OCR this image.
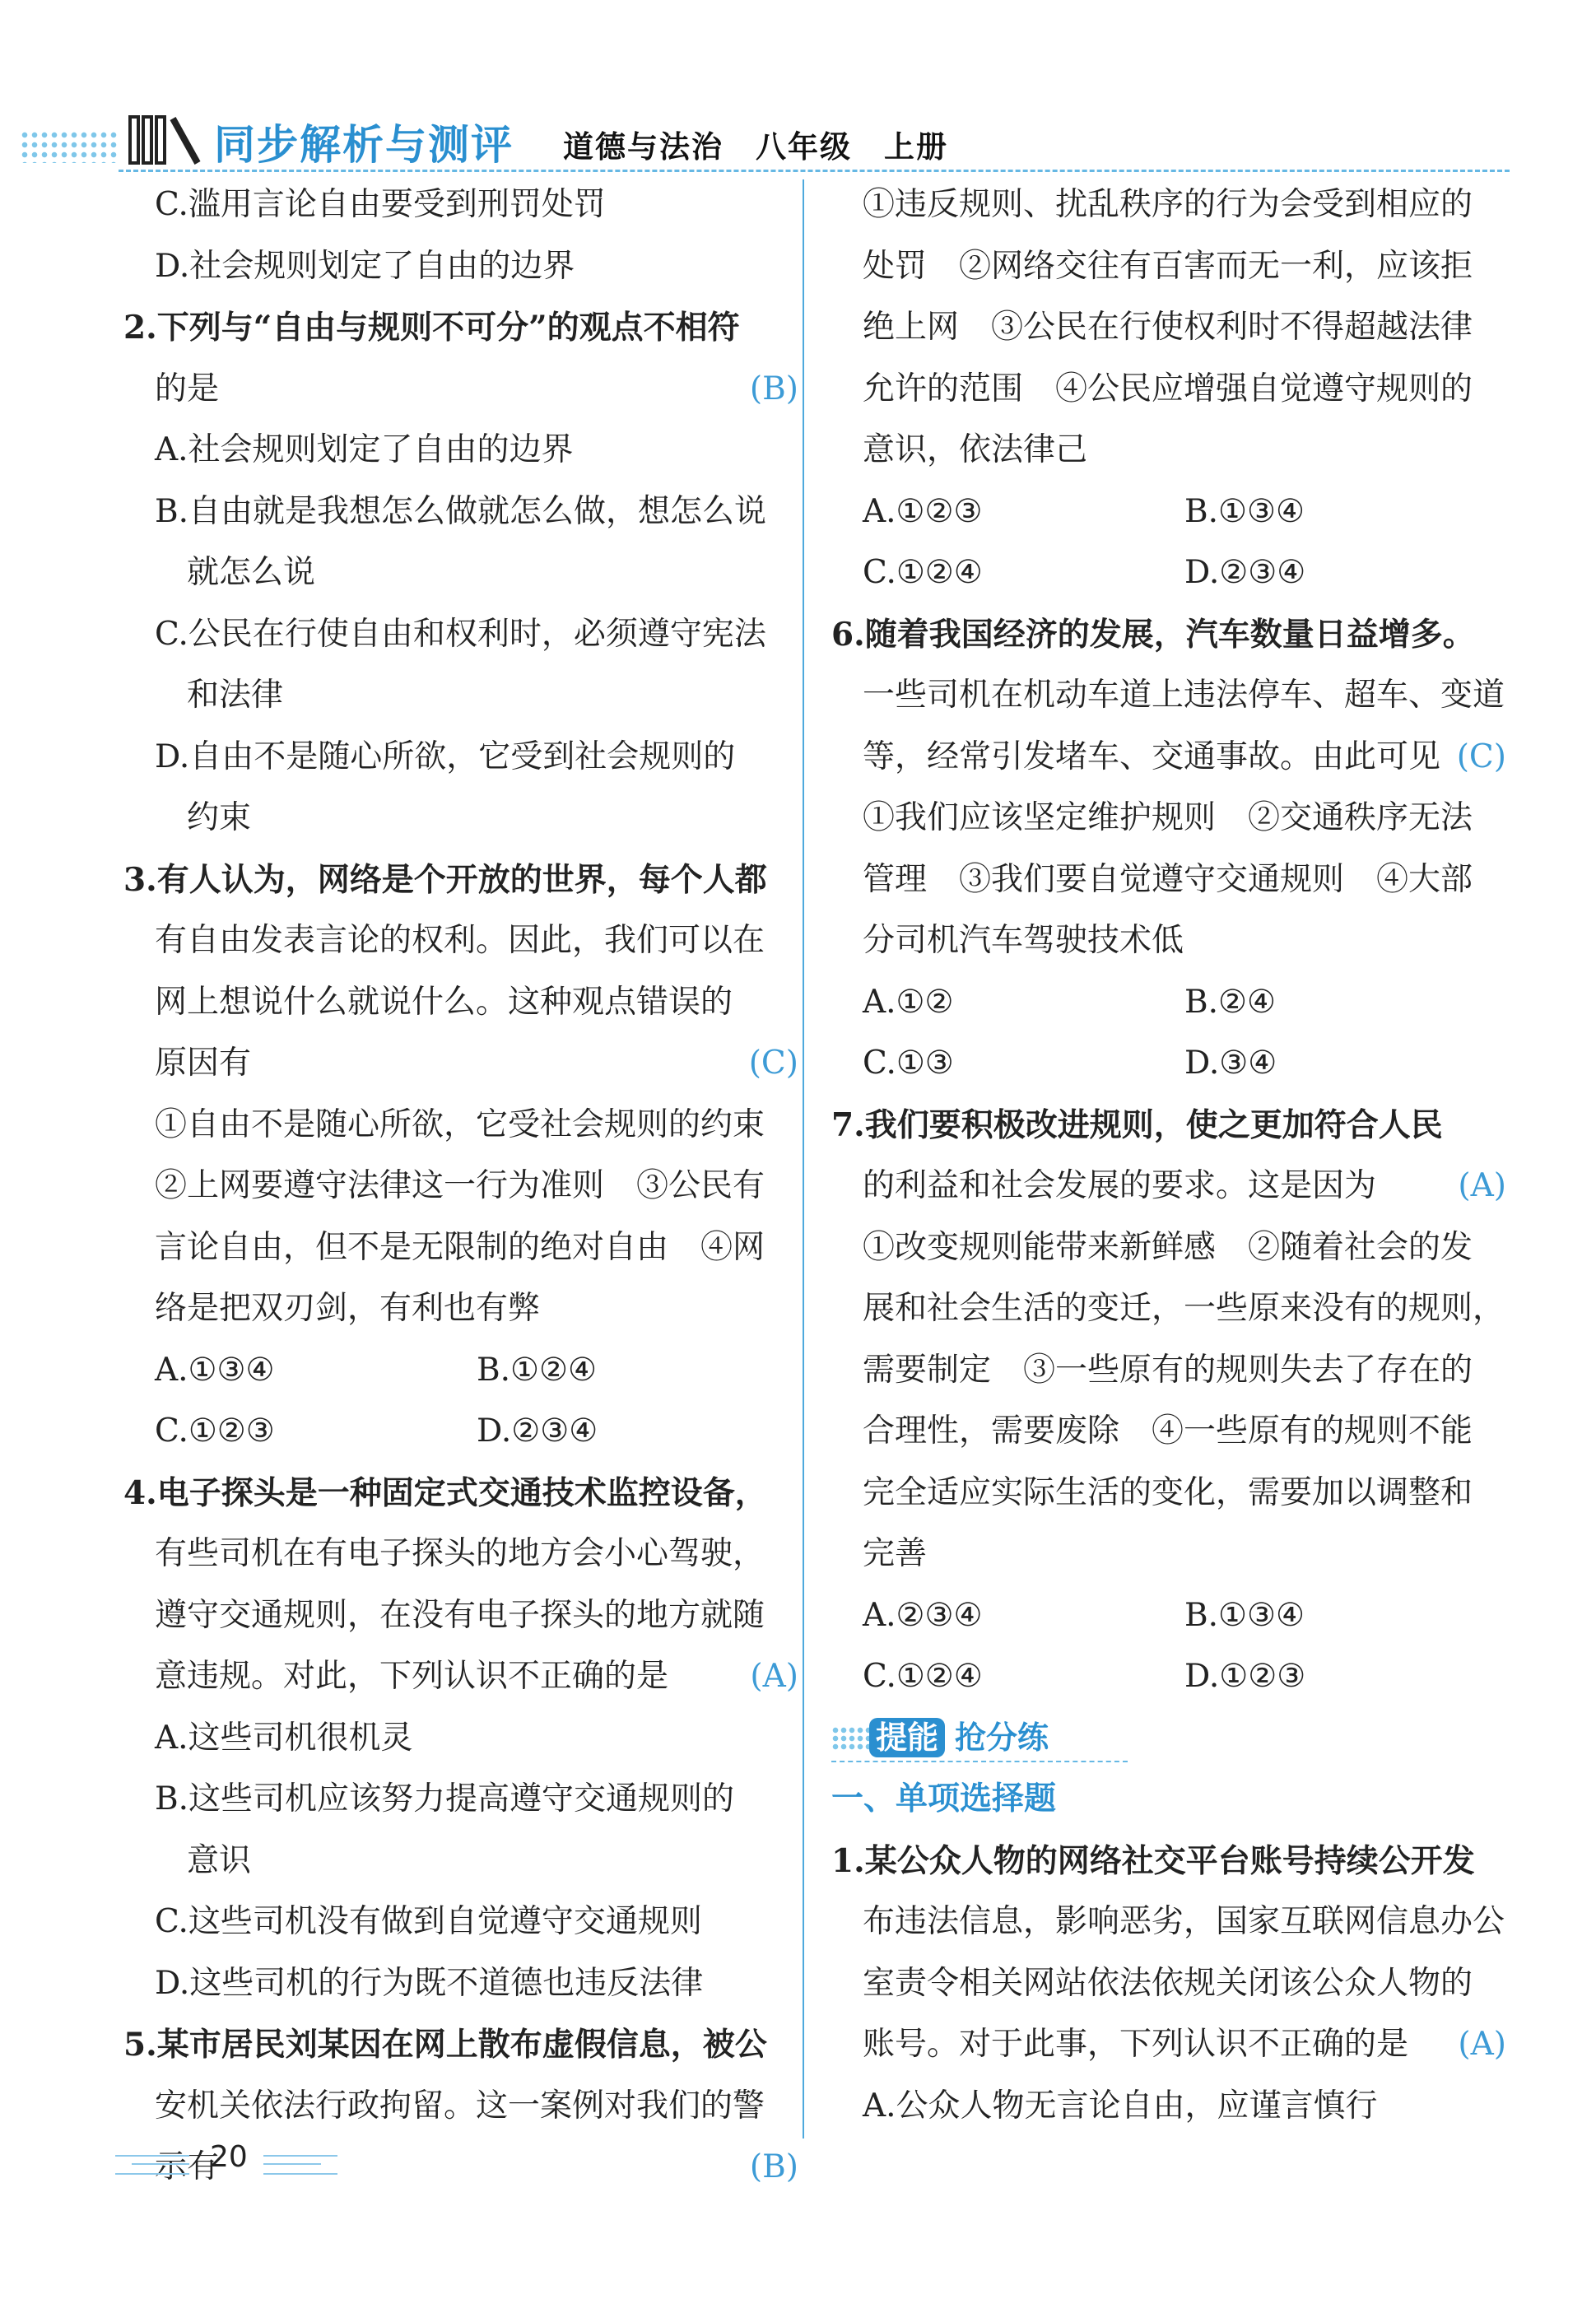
同步解析与测评 道德与法治　八年级　上册
C.滥用言论自由要受到刑罚处罚
D.社会规则划定了自由的边界
2.下列与“自由与规则不可分”的观点不相符
的是	(B)
A.社会规则划定了自由的边界
B.自由就是我想怎么做就怎么做，想怎么说
　就怎么说
C.公民在行使自由和权利时，必须遵守宪法
　和法律
D.自由不是随心所欲，它受到社会规则的
　约束
3.有人认为，网络是个开放的世界，每个人都
有自由发表言论的权利。因此，我们可以在
网上想说什么就说什么。这种观点错误的
原因有	(C)
①自由不是随心所欲，它受社会规则的约束
②上网要遵守法律这一行为准则　③公民有
言论自由，但不是无限制的绝对自由　④网
络是把双刃剑，有利也有弊
A.①③④	B.①②④
C.①②③	D.②③④
4.电子探头是一种固定式交通技术监控设备，
有些司机在有电子探头的地方会小心驾驶，
遵守交通规则，在没有电子探头的地方就随
意违规。对此，下列认识不正确的是	(A)
A.这些司机很机灵
B.这些司机应该努力提高遵守交通规则的
　意识
C.这些司机没有做到自觉遵守交通规则
D.这些司机的行为既不道德也违反法律
5.某市居民刘某因在网上散布虚假信息，被公
安机关依法行政拘留。这一案例对我们的警
示有	(B)
①违反规则、扰乱秩序的行为会受到相应的
处罚　②网络交往有百害而无一利，应该拒
绝上网　③公民在行使权利时不得超越法律
允许的范围　④公民应增强自觉遵守规则的
意识，依法律己
A.①②③	B.①③④
C.①②④	D.②③④
6.随着我国经济的发展，汽车数量日益增多。
一些司机在机动车道上违法停车、超车、变道
等，经常引发堵车、交通事故。由此可见 (C)
①我们应该坚定维护规则　②交通秩序无法
管理　③我们要自觉遵守交通规则　④大部
分司机汽车驾驶技术低
A.①②	B.②④
C.①③	D.③④
7.我们要积极改进规则，使之更加符合人民
的利益和社会发展的要求。这是因为	(A)
①改变规则能带来新鲜感　②随着社会的发
展和社会生活的变迁，一些原来没有的规则，
需要制定　③一些原有的规则失去了存在的
合理性，需要废除　④一些原有的规则不能
完全适应实际生活的变化，需要加以调整和
完善
A.②③④	B.①③④
C.①②④	D.①②③
提能 抢分练
一、单项选择题
1.某公众人物的网络社交平台账号持续公开发
布违法信息，影响恶劣，国家互联网信息办公
室责令相关网站依法依规关闭该公众人物的
账号。对于此事，下列认识不正确的是 (A)
A.公众人物无言论自由，应谨言慎行
20
